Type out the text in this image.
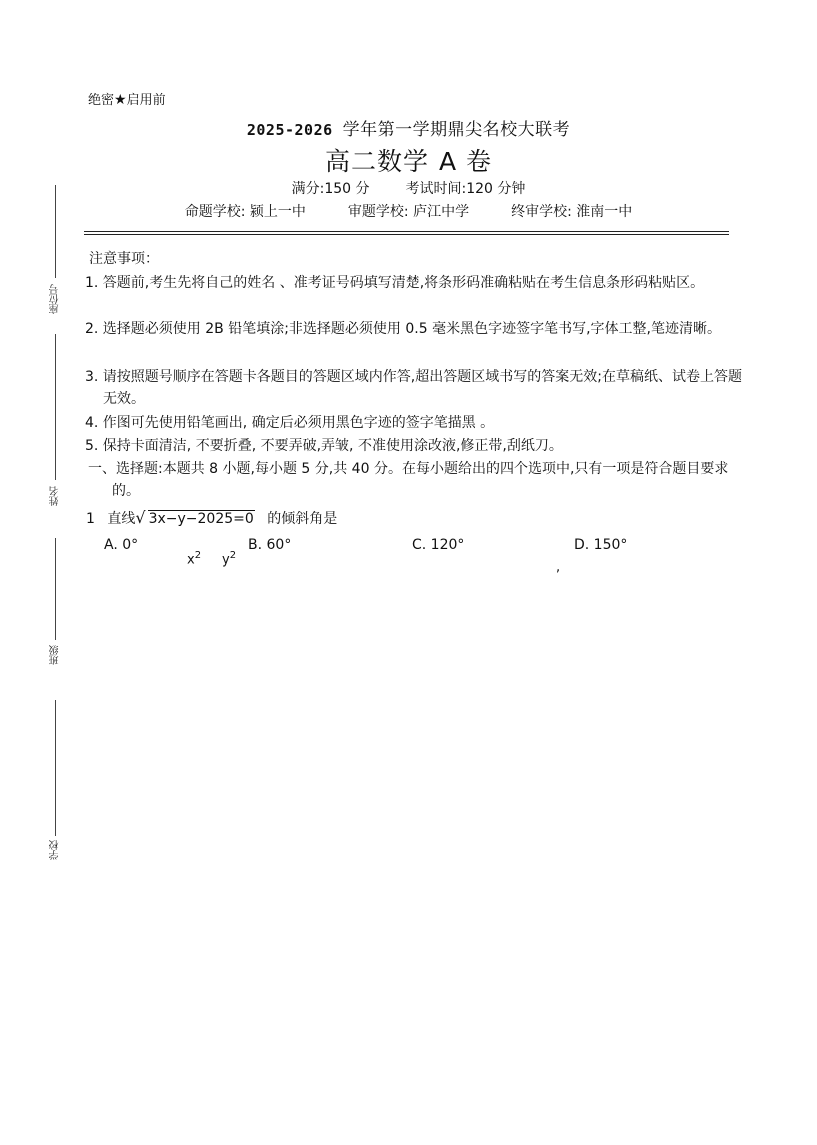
绝密★启用前
2025-2026 学年第一学期鼎尖名校大联考
高二数学 A 卷
满分:150 分	考试时间:120 分钟
命题学校: 颍上一中	审题学校: 庐江中学	终审学校: 淮南一中
注意事项：
1. 答题前,考生先将自己的姓名 、准考证号码填写清楚,将条形码准确粘贴在考生信息条形码粘贴区。
2. 选择题必须使用 2B 铅笔填涂;非选择题必须使用 0.5 毫米黑色字迹签字笔书写,字体工整,笔迹清晰。
3. 请按照题号顺序在答题卡各题目的答题区域内作答,超出答题区域书写的答案无效;在草稿纸、试卷上答题无效。
4. 作图可先使用铅笔画出, 确定后必须用黑色字迹的签字笔描黑 。
5. 保持卡面清洁, 不要折叠, 不要弄破,弄皱, 不准使用涂改液,修正带,刮纸刀。
一、选择题:本题共 8 小题,每小题 5 分,共 40 分。在每小题给出的四个选项中,只有一项是符合题目要求的。
1 直线√ 3x−y−2025=0 的倾斜角是
A. 0°	B. 60°	C. 120°	D. 150°
$x^2$ $y^2$
,
座位号
姓名
班级
学校
